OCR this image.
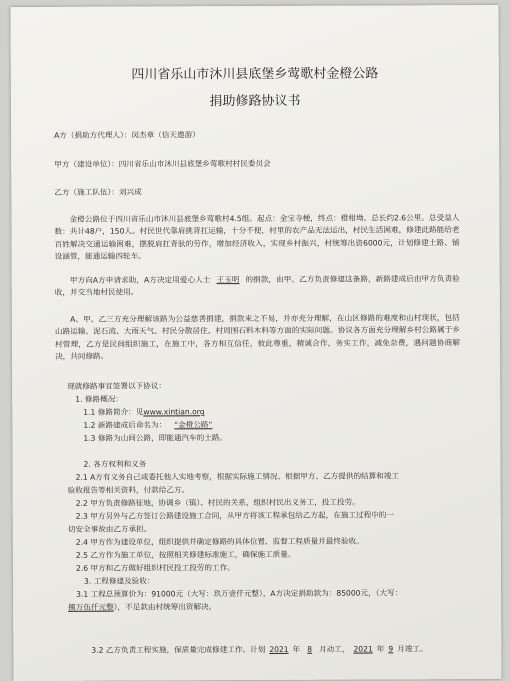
四川省乐山市沐川县底堡乡莺歌村金橙公路
捐助修路协议书
A方（捐助方代理人）：闵杰章（信天遨游）
甲方（建设单位）：四川省乐山市沐川县底堡乡莺歌村村民委员会
乙方（施工队伍）：刘兴成
金橙公路位于四川省乐山市沐川县底堡乡莺歌村4.5组。起点：金宝寺梗，终点：橙柑坳。总长约2.6公里。总受益人数：共计48户，150人。村民世代靠肩挑背扛运输，十分不便，村里的农产品无法运出，村民生活困难，修建此路能给老百姓解决交通运输困难，摆脱肩扛背驮的劳作，增加经济收入，实现乡村振兴，村统筹出资6000元，计划修建土路、铺设涵管，能通运输四轮车。
甲方向A方申请求助，A方决定用爱心人士 王玉明 的捐款，由甲、乙方负责修建这条路，新路建成后由甲方负责验收，并交当地村民使用。
A、甲、乙三方充分理解该路为公益慈善捐建，捐款来之不易，并亦充分理解，在山区修路的难度和山村现状，包括山路运输、泥石流、大雨天气、村民分散居住、村周围石料木料等方面的实际问题。协议各方面充分理解乡村公路属于乡村管理，乙方是民间组织施工，在施工中，各方相互信任，彼此尊重，精诚合作，务实工作，减免杂费，遇问题协商解决，共同修路。
现就修路事宜签署以下协议：
1. 修路概况：
1.1 修路简介：见www.xintian.org
1.2 新路建成后命名为： “金橙公路”
1.3 修路为山间公路，即能通汽车的土路。
2. 各方权利和义务
2.1 A方有义务自己或委托他人实地考察，根据实际施工情况、根据甲方、乙方提供的结算和竣工
验收报告等相关资料，付款给乙方。
2.2 甲方负责修路征地，协调乡（镇）、村民的关系，组织村民出义务工，投工投劳。
2.3 甲方另外与乙方签订公路建设施工合同，从甲方将该工程承包给乙方起，在施工过程中的一
切安全事故由乙方承担。
2.4 甲方作为建设单位，组织提供并确定修路的具体位置、监督工程质量并最终验收。
2.5 乙方作为施工单位，按照相关修建标准施工，确保施工质量。
2.6 甲方和乙方做好组织村民投工投劳的工作。
3. 工程修建及验收：
3.1 工程总预算价为：91000元（大写：玖万壹仟元整），A方决定捐助款为：85000元，（大写：
捌万伍仟元整），不足款由村统筹出资解决。
3.2 乙方负责工程实施，保质量完成修建工作。计划 2021 年 8 月动工， 2021 年 9 月竣工。
